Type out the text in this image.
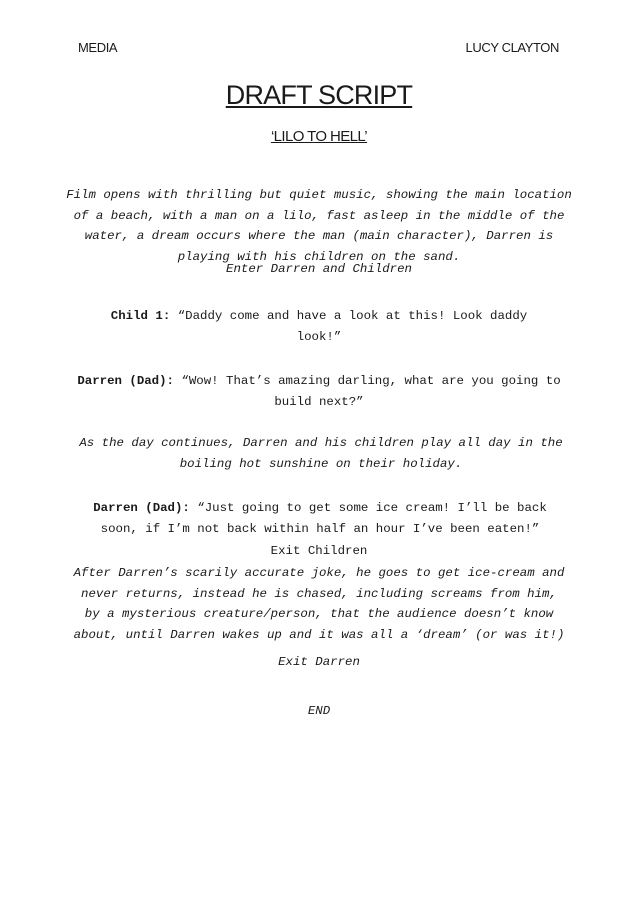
MEDIA	LUCY CLAYTON
DRAFT SCRIPT
‘LILO TO HELL’
Film opens with thrilling but quiet music, showing the main location of a beach, with a man on a lilo, fast asleep in the middle of the water, a dream occurs where the man (main character), Darren is playing with his children on the sand.
Enter Darren and Children
Child 1: “Daddy come and have a look at this! Look daddy look!”
Darren (Dad): “Wow! That’s amazing darling, what are you going to build next?”
As the day continues, Darren and his children play all day in the boiling hot sunshine on their holiday.
Darren (Dad): “Just going to get some ice cream! I’ll be back soon, if I’m not back within half an hour I’ve been eaten!”
Exit Children
After Darren’s scarily accurate joke, he goes to get ice-cream and never returns, instead he is chased, including screams from him, by a mysterious creature/person, that the audience doesn’t know about, until Darren wakes up and it was all a ‘dream’ (or was it!)
Exit Darren
END
